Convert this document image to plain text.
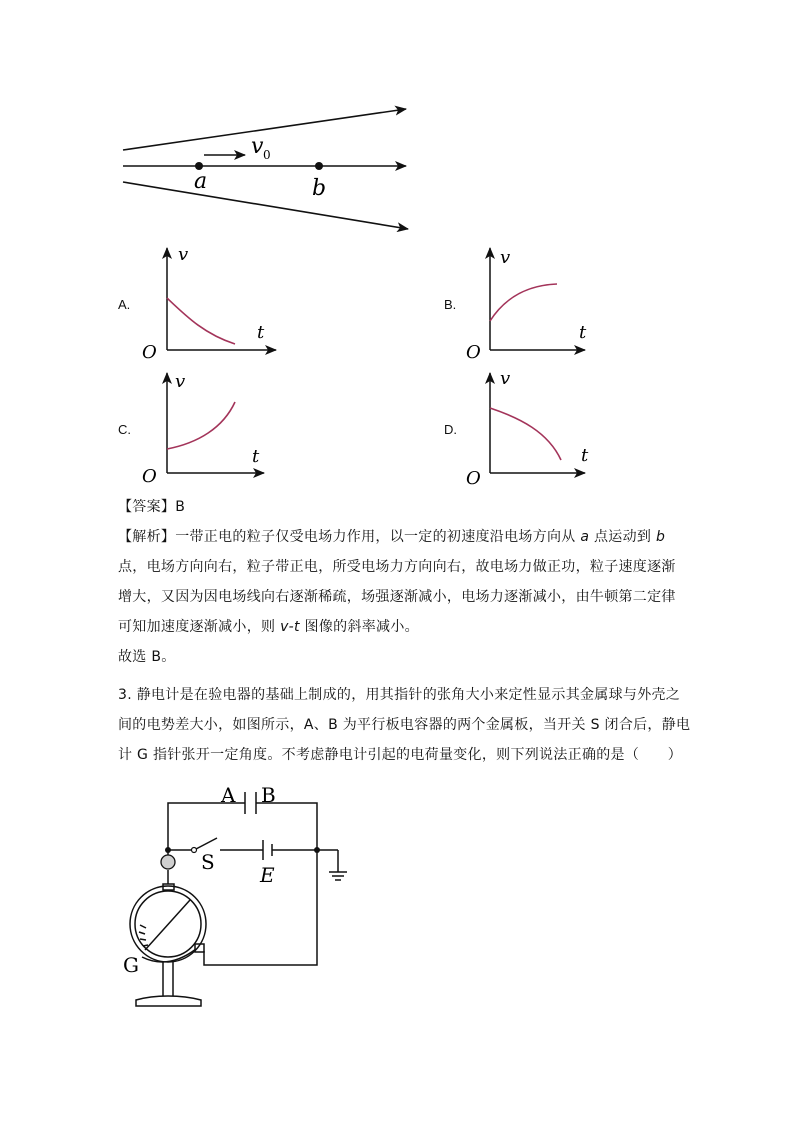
a	b
v 0
v
t
O
v
t
O
v
t
O
v
t
O
A B
S
E
G
A.	B.
C.	D.
【答案】B
【解析】一带正电的粒子仅受电场力作用，以一定的初速度沿电场方向从 a 点运动到 b
点，电场方向向右，粒子带正电，所受电场力方向向右，故电场力做正功，粒子速度逐渐
增大，又因为因电场线向右逐渐稀疏，场强逐渐减小，电场力逐渐减小，由牛顿第二定律
可知加速度逐渐减小，则 v-t 图像的斜率减小。
故选 B。
3. 静电计是在验电器的基础上制成的，用其指针的张角大小来定性显示其金属球与外壳之
间的电势差大小，如图所示，A、B 为平行板电容器的两个金属板，当开关 S 闭合后，静电
计 G 指针张开一定角度。不考虑静电计引起的电荷量变化，则下列说法正确的是（　　）
